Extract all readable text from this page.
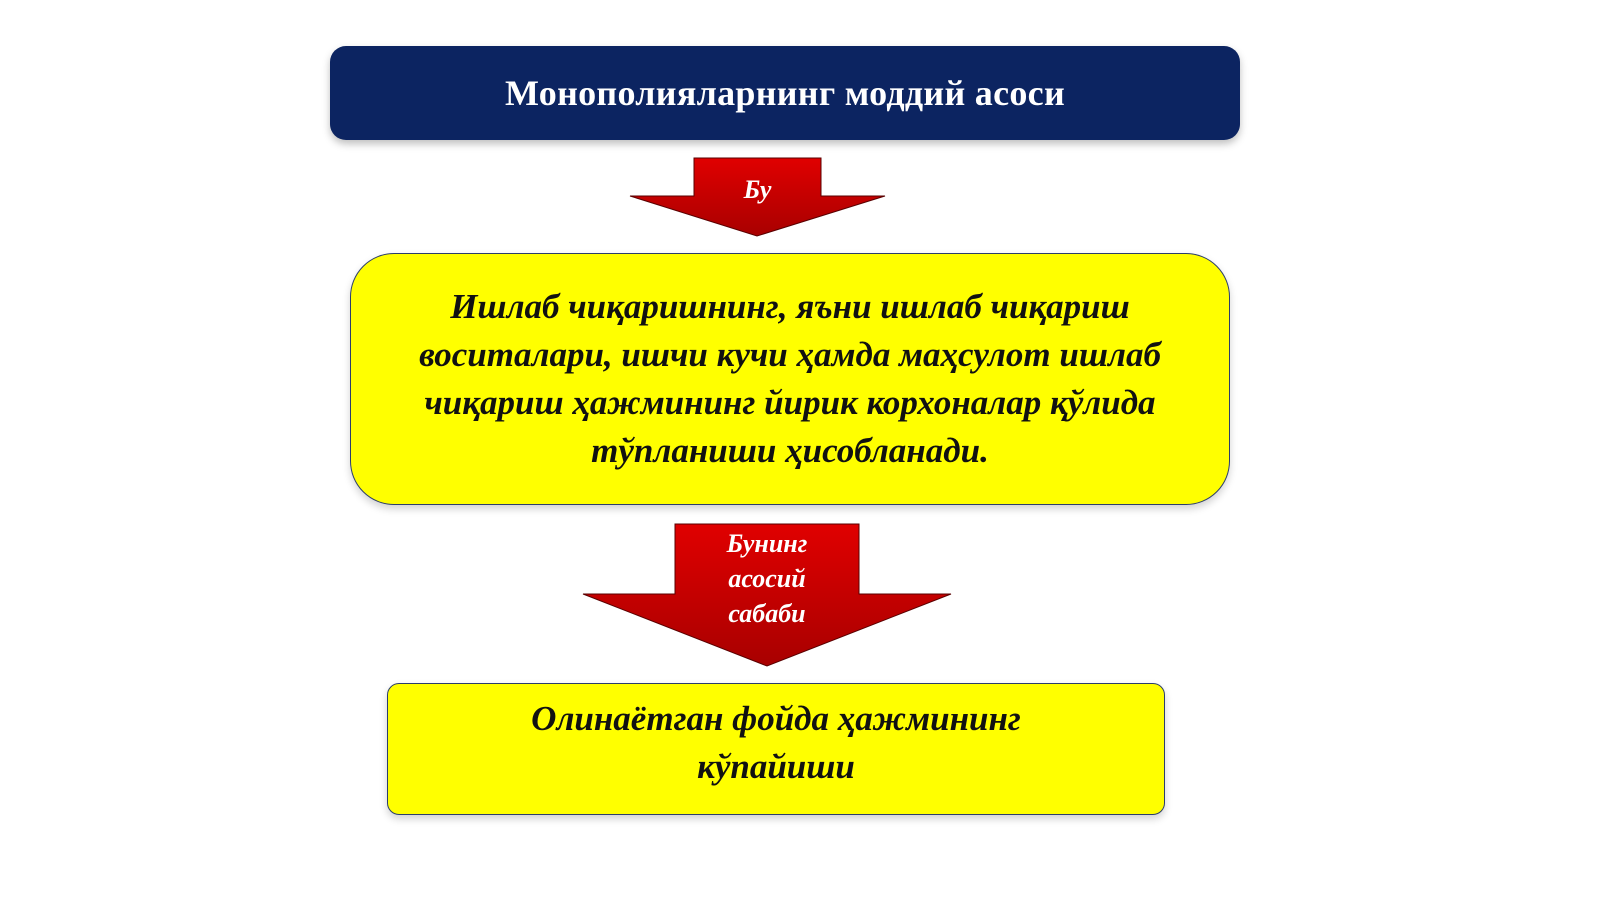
Монополияларнинг моддий асоси
Бу
Ишлаб чиқаришнинг, яъни ишлаб чиқариш воситалари, ишчи кучи ҳамда маҳсулот ишлаб чиқариш ҳажмининг йирик корхоналар қўлида тўпланиши ҳисобланади.
Бунинг
асосий
сабаби
Олинаётган фойда ҳажмининг кўпайиши
